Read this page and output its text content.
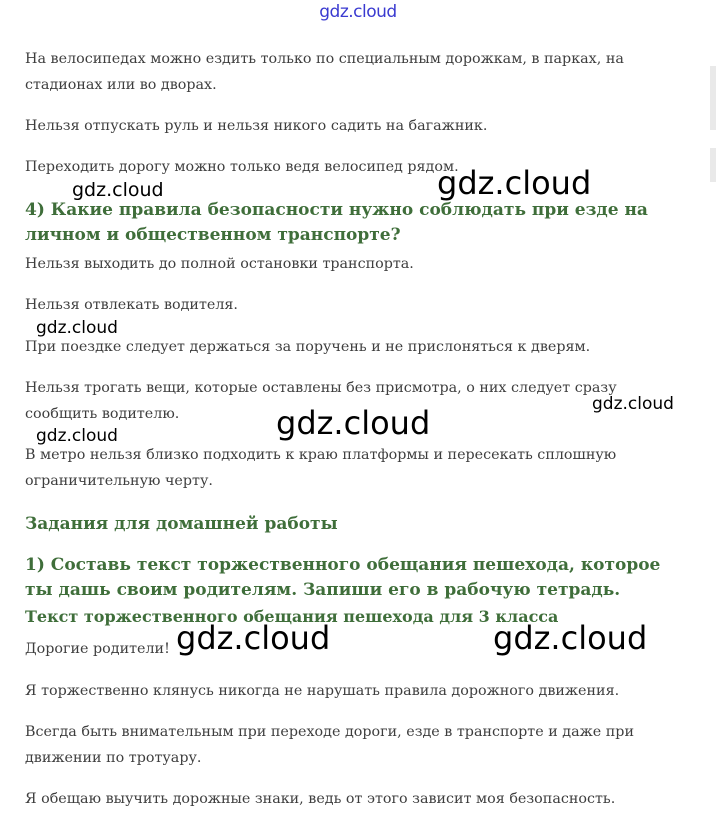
gdz.cloud
На велосипедах можно ездить только по специальным дорожкам, в парках, на стадионах или во дворах.
Нельзя отпускать руль и нельзя никого садить на багажник.
Переходить дорогу можно только ведя велосипед рядом.
4) Какие правила безопасности нужно соблюдать при езде на личном и общественном транспорте?
Нельзя выходить до полной остановки транспорта.
Нельзя отвлекать водителя.
При поездке следует держаться за поручень и не прислоняться к дверям.
Нельзя трогать вещи, которые оставлены без присмотра, о них следует сразу сообщить водителю.
В метро нельзя близко подходить к краю платформы и пересекать сплошную ограничительную черту.
Задания для домашней работы
1) Составь текст торжественного обещания пешехода, которое ты дашь своим родителям. Запиши его в рабочую тетрадь.
Текст торжественного обещания пешехода для 3 класса
Дорогие родители!
Я торжественно клянусь никогда не нарушать правила дорожного движения.
Всегда быть внимательным при переходе дороги, езде в транспорте и даже при движении по тротуару.
Я обещаю выучить дорожные знаки, ведь от этого зависит моя безопасность.
gdz.cloud	gdz.cloud
gdz.cloud
gdz.cloud
gdz.cloud
gdz.cloud
gdz.cloud	gdz.cloud
